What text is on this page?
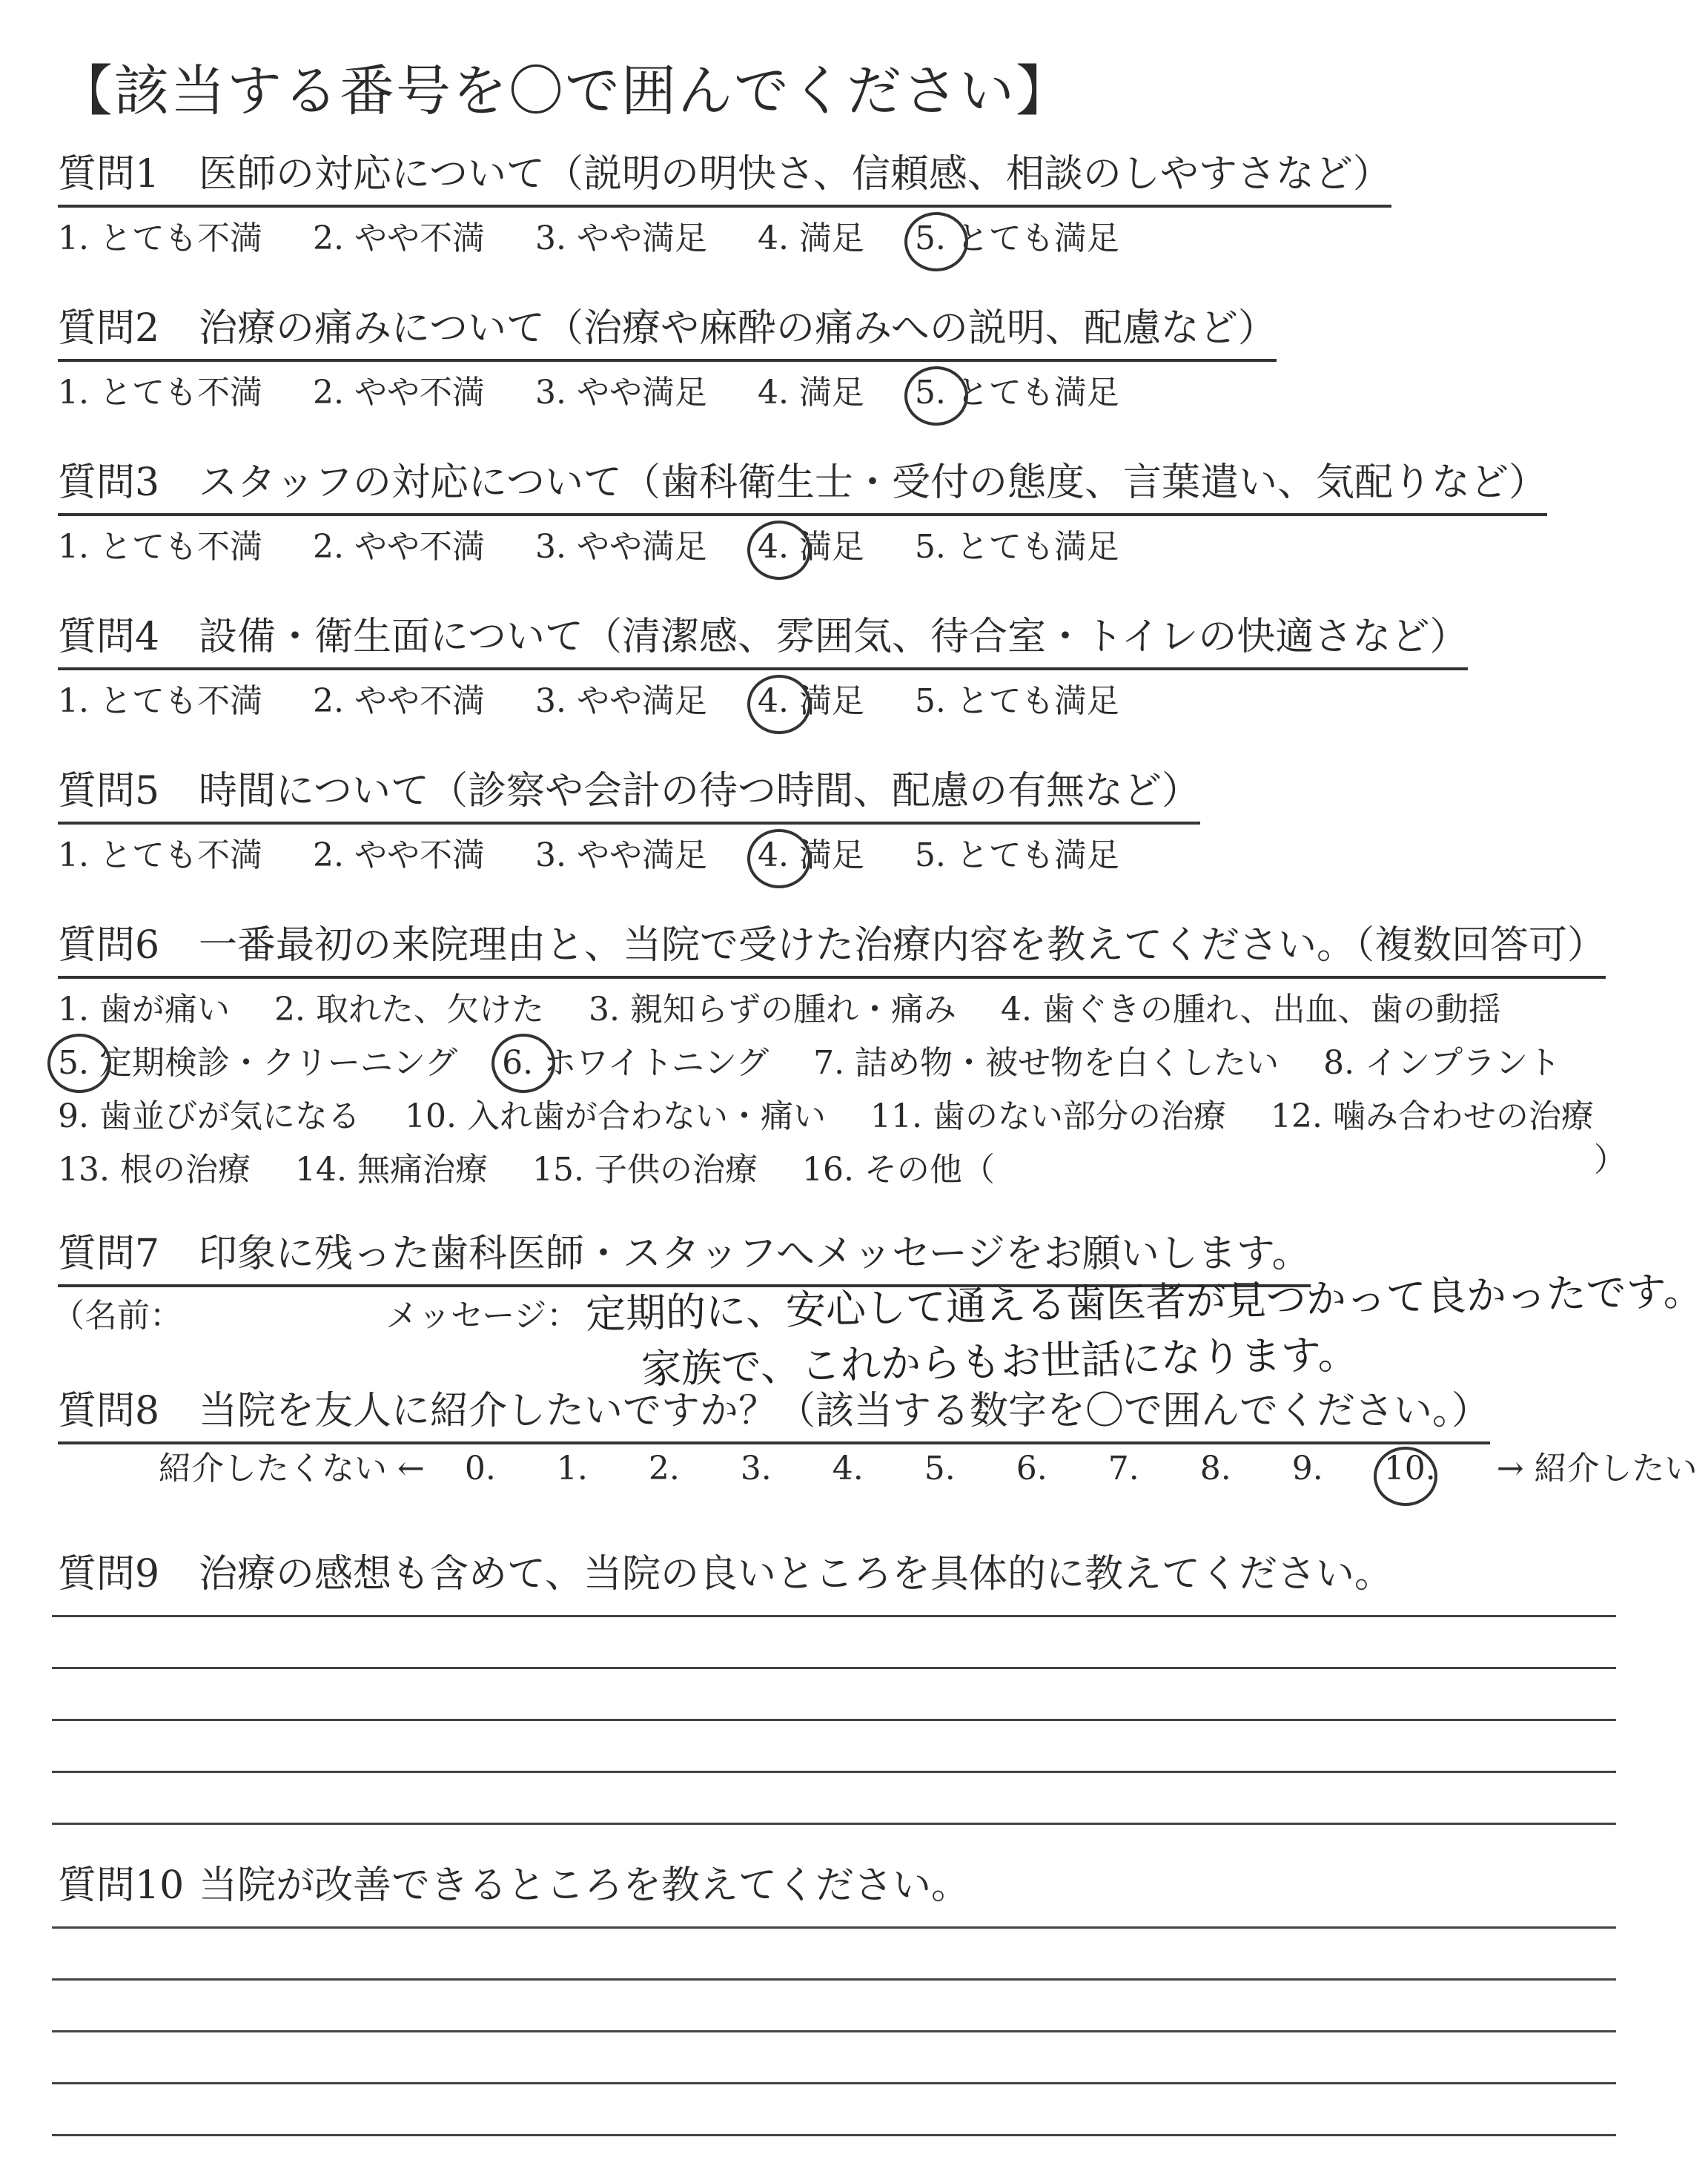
【該当する番号を〇で囲んでください】
質問1 医師の対応について（説明の明快さ、信頼感、相談のしやすさなど）
1. とても不満 2. やや不満 3. やや満足 4. 満足 5. とても満足
質問2 治療の痛みについて（治療や麻酔の痛みへの説明、配慮など）
1. とても不満 2. やや不満 3. やや満足 4. 満足 5. とても満足
質問3 スタッフの対応について（歯科衛生士・受付の態度、言葉遣い、気配りなど）
1. とても不満 2. やや不満 3. やや満足 4. 満足 5. とても満足
質問4 設備・衛生面について（清潔感、雰囲気、待合室・トイレの快適さなど）
1. とても不満 2. やや不満 3. やや満足 4. 満足 5. とても満足
質問5 時間について（診察や会計の待つ時間、配慮の有無など）
1. とても不満 2. やや不満 3. やや満足 4. 満足 5. とても満足
質問6 一番最初の来院理由と、当院で受けた治療内容を教えてください。（複数回答可）
1. 歯が痛い 2. 取れた、欠けた 3. 親知らずの腫れ・痛み 4. 歯ぐきの腫れ、出血、歯の動揺
5. 定期検診・クリーニング 6. ホワイトニング 7. 詰め物・被せ物を白くしたい 8. インプラント
9. 歯並びが気になる 10. 入れ歯が合わない・痛い 11. 歯のない部分の治療 12. 噛み合わせの治療
13. 根の治療 14. 無痛治療 15. 子供の治療 16. その他（	）
質問7 印象に残った歯科医師・スタッフへメッセージをお願いします。
（名前：	メッセージ： 定期的に、安心して通える歯医者が見つかって良かったです。
家族で、これからもお世話になります。
質問8 当院を友人に紹介したいですか？（該当する数字を〇で囲んでください。）
紹介したくない ← 0. 1. 2. 3. 4. 5. 6. 7. 8. 9. 10. → 紹介したい
質問9 治療の感想も含めて、当院の良いところを具体的に教えてください。
質問10 当院が改善できるところを教えてください。
